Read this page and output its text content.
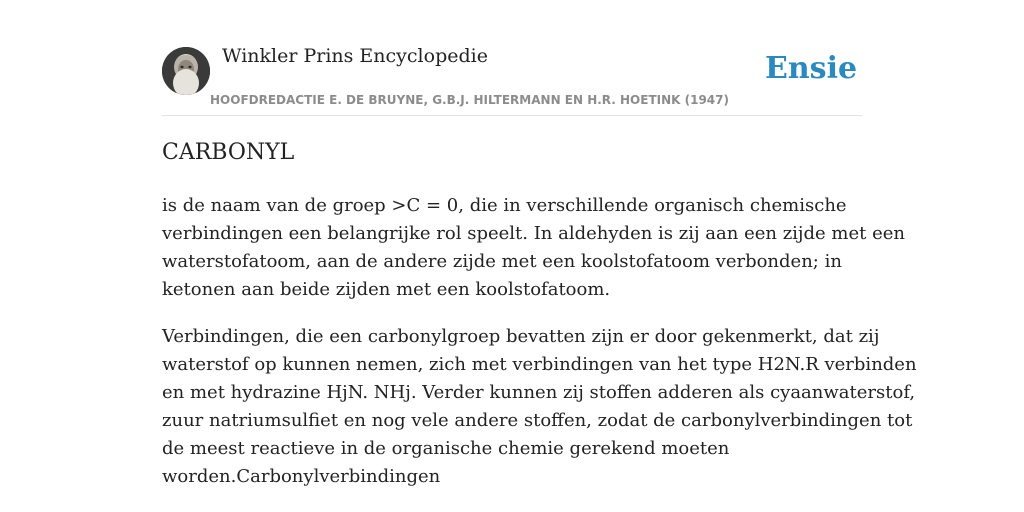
Winkler Prins Encyclopedie
HOOFDREDACTIE E. DE BRUYNE, G.B.J. HILTERMANN EN H.R. HOETINK (1947)
Ensie
CARBONYL

is de naam van de groep >C = 0, die in verschillende organisch chemische
verbindingen een belangrijke rol speelt. In aldehyden is zij aan een zijde met een
waterstofatoom, aan de andere zijde met een koolstofatoom verbonden; in
ketonen aan beide zijden met een koolstofatoom.

Verbindingen, die een carbonylgroep bevatten zijn er door gekenmerkt, dat zij
waterstof op kunnen nemen, zich met verbindingen van het type H2N.R verbinden
en met hydrazine HjN. NHj. Verder kunnen zij stoffen adderen als cyaanwaterstof,
zuur natriumsulfiet en nog vele andere stoffen, zodat de carbonylverbindingen tot
de meest reactieve in de organische chemie gerekend moeten
worden.Carbonylverbindingen
